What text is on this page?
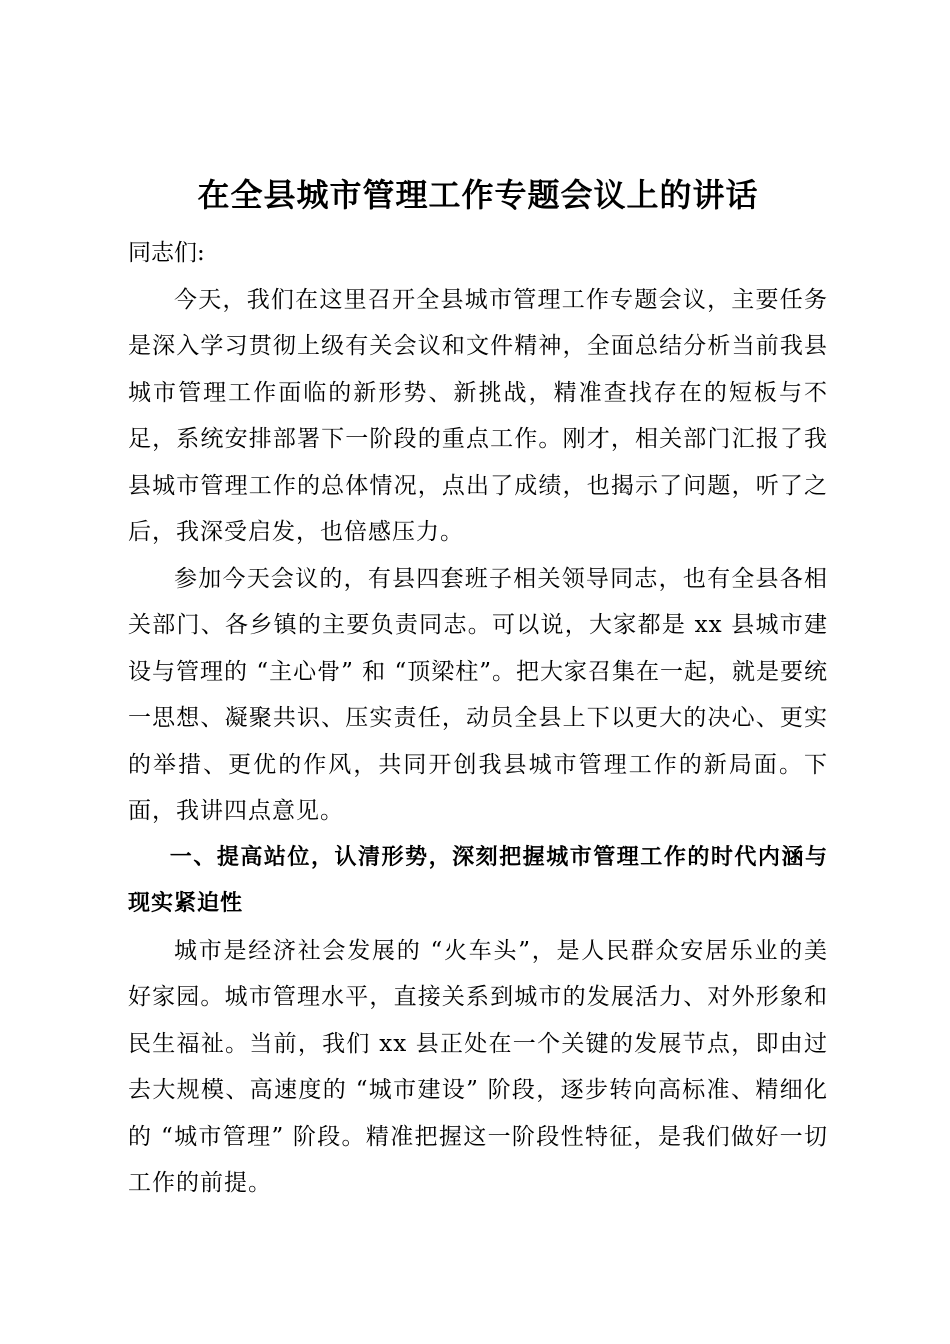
在全县城市管理工作专题会议上的讲话

同志们:

今天，我们在这里召开全县城市管理工作专题会议，主要任务是深入学习贯彻上级有关会议和文件精神，全面总结分析当前我县城市管理工作面临的新形势、新挑战，精准查找存在的短板与不足，系统安排部署下一阶段的重点工作。刚才，相关部门汇报了我县城市管理工作的总体情况，点出了成绩，也揭示了问题，听了之后，我深受启发，也倍感压力。

参加今天会议的，有县四套班子相关领导同志，也有全县各相关部门、各乡镇的主要负责同志。可以说，大家都是 xx 县城市建设与管理的 “主心骨” 和 “顶梁柱”。把大家召集在一起，就是要统一思想、凝聚共识、压实责任，动员全县上下以更大的决心、更实的举措、更优的作风，共同开创我县城市管理工作的新局面。下面，我讲四点意见。

一、提高站位，认清形势，深刻把握城市管理工作的时代内涵与现实紧迫性

城市是经济社会发展的 “火车头”，是人民群众安居乐业的美好家园。城市管理水平，直接关系到城市的发展活力、对外形象和民生福祉。当前，我们 xx 县正处在一个关键的发展节点，即由过去大规模、高速度的 “城市建设” 阶段，逐步转向高标准、精细化的 “城市管理” 阶段。精准把握这一阶段性特征，是我们做好一切工作的前提。
